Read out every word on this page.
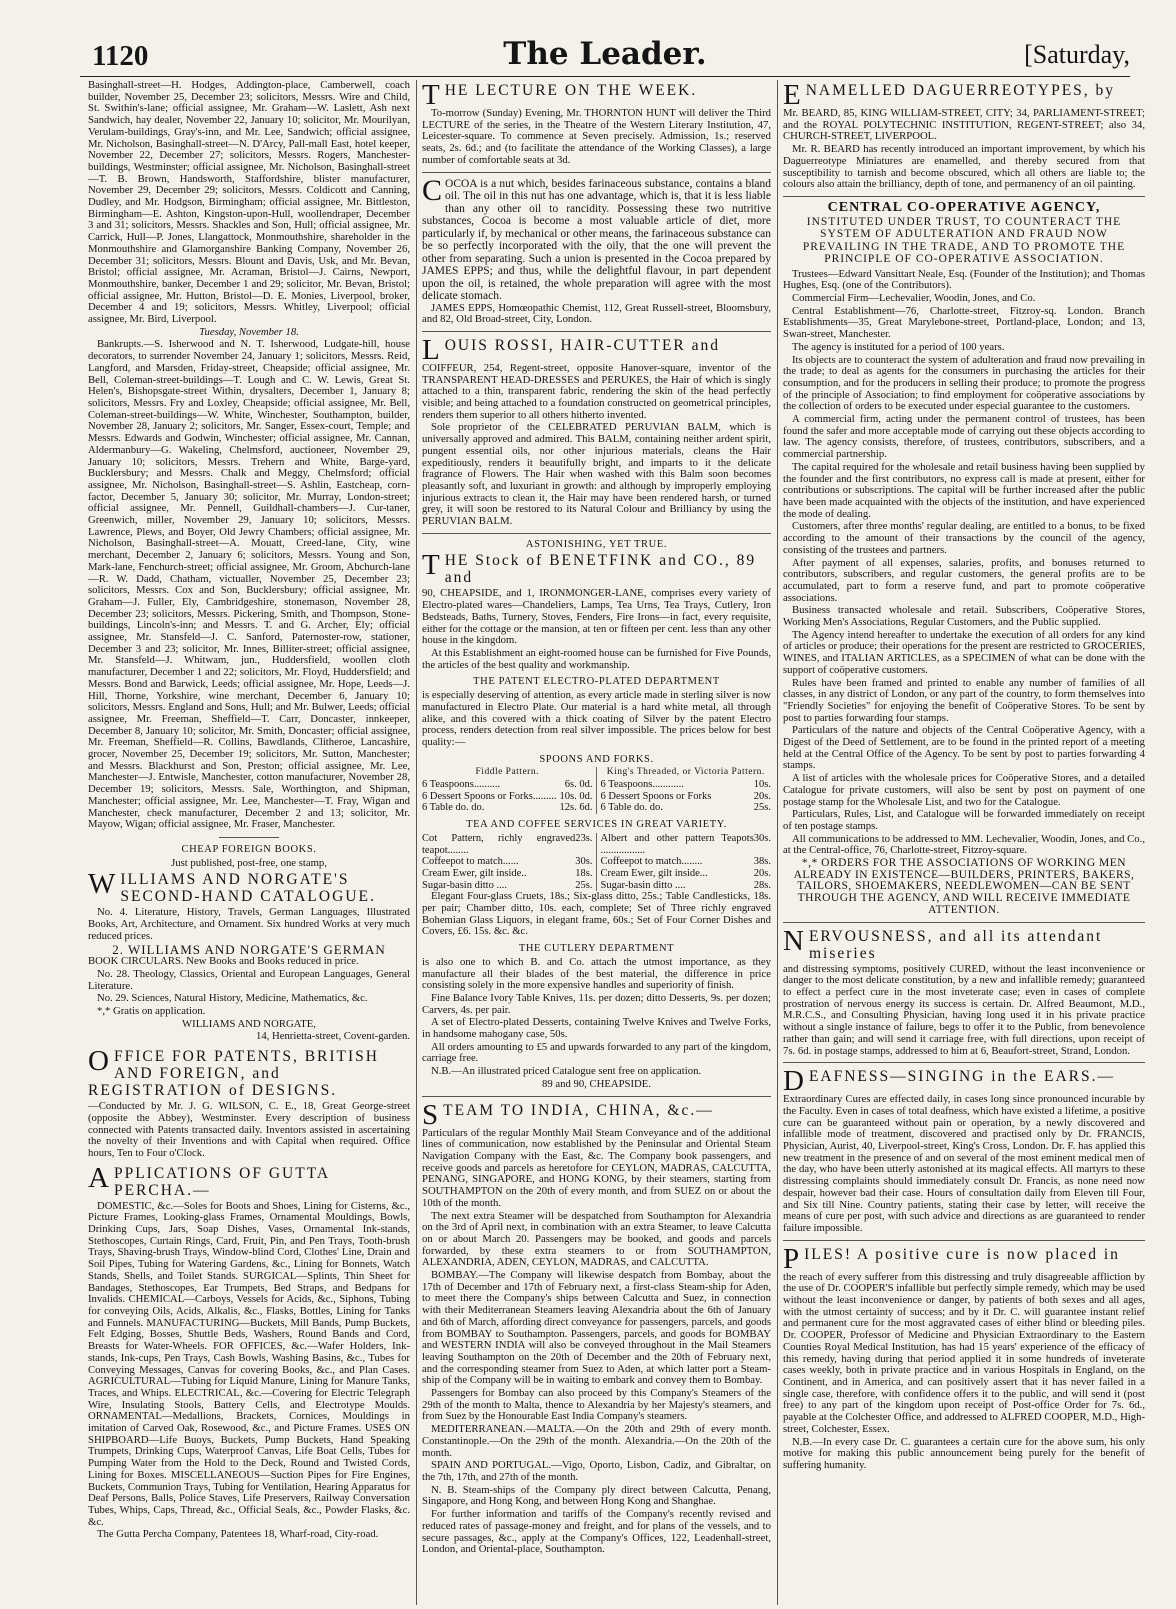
1120	The Leader.	[Saturday,

Basinghall-street—H. Hodges, Addington-place, Camberwell, coach builder, November 25, December 23; solicitors, Messrs. Wire and Child, St. Swithin's-lane; official assignee, Mr. Graham—W. Laslett, Ash next Sandwich, hay dealer, November 22, January 10; solicitor, Mr. Mourilyan, Verulam-buildings, Gray's-inn, and Mr. Lee, Sandwich; official assignee, Mr. Nicholson, Basinghall-street—N. D'Arcy, Pall-mall East, hotel keeper, November 22, December 27; solicitors, Messrs. Rogers, Manchester-buildings, Westminster; official assignee, Mr. Nicholson, Basinghall-street—T. B. Brown, Handsworth, Staffordshire, blister manufacturer, November 29, December 29; solicitors, Messrs. Coldicott and Canning, Dudley, and Mr. Hodgson, Birmingham; official assignee, Mr. Bittleston, Birmingham—E. Ashton, Kingston-upon-Hull, woollendraper, December 3 and 31; solicitors, Messrs. Shackles and Son, Hull; official assignee, Mr. Carrick, Hull—P. Jones, Llangattock, Monmouthshire, shareholder in the Monmouthshire and Glamorganshire Banking Company, November 26, December 31; solicitors, Messrs. Blount and Davis, Usk, and Mr. Bevan, Bristol; official assignee, Mr. Acraman, Bristol—J. Cairns, Newport, Monmouthshire, banker, December 1 and 29; solicitor, Mr. Bevan, Bristol; official assignee, Mr. Hutton, Bristol—D. E. Monies, Liverpool, broker, December 4 and 19; solicitors, Messrs. Whitley, Liverpool; official assignee, Mr. Bird, Liverpool.

Tuesday, November 18.

Bankrupts.—S. Isherwood and N. T. Isherwood, Ludgate-hill, house decorators, to surrender November 24, January 1; solicitors, Messrs. Reid, Langford, and Marsden, Friday-street, Cheapside; official assignee, Mr. Bell, Coleman-street-buildings—T. Lough and C. W. Lewis, Great St. Helen's, Bishopsgate-street Within, drysalters, December 1, January 8; solicitors, Messrs. Fry and Loxley, Cheapside; official assignee, Mr. Bell, Coleman-street-buildings—W. White, Winchester, Southampton, builder, November 28, January 2; solicitors, Mr. Sanger, Essex-court, Temple; and Messrs. Edwards and Godwin, Winchester; official assignee, Mr. Cannan, Aldermanbury—G. Wakeling, Chelmsford, auctioneer, November 29, January 10; solicitors, Messrs. Trehern and White, Barge-yard, Bucklersbury; and Messrs. Chalk and Meggy, Chelmsford; official assignee, Mr. Nicholson, Basinghall-street—S. Ashlin, Eastcheap, corn-factor, December 5, January 30; solicitor, Mr. Murray, London-street; official assignee, Mr. Pennell, Guildhall-chambers—J. Cur-taner, Greenwich, miller, November 29, January 10; solicitors, Messrs. Lawrence, Plews, and Boyer, Old Jewry Chambers; official assignee, Mr. Nicholson, Basinghall-street—A. Mouatt, Creed-lane, City, wine merchant, December 2, January 6; solicitors, Messrs. Young and Son, Mark-lane, Fenchurch-street; official assignee, Mr. Groom, Abchurch-lane—R. W. Dadd, Chatham, victualler, November 25, December 23; solicitors, Messrs. Cox and Son, Bucklersbury; official assignee, Mr. Graham—J. Fuller, Ely, Cambridgeshire, stonemason, November 28, December 23; solicitors, Messrs. Pickering, Smith, and Thompson, Stone-buildings, Lincoln's-inn; and Messrs. T. and G. Archer, Ely; official assignee, Mr. Stansfeld—J. C. Sanford, Paternoster-row, stationer, December 3 and 23; solicitor, Mr. Innes, Billiter-street; official assignee, Mr. Stansfeld—J. Whitwam, jun., Huddersfield, woollen cloth manufacturer, December 1 and 22; solicitors, Mr. Floyd, Huddersfield; and Messrs. Bond and Barwick, Leeds; official assignee, Mr. Hope, Leeds—J. Hill, Thorne, Yorkshire, wine merchant, December 6, January 10; solicitors, Messrs. England and Sons, Hull; and Mr. Bulwer, Leeds; official assignee, Mr. Freeman, Sheffield—T. Carr, Doncaster, innkeeper, December 8, January 10; solicitor, Mr. Smith, Doncaster; official assignee, Mr. Freeman, Sheffield—R. Collins, Bawdlands, Clitheroe, Lancashire, grocer, November 25, December 19; solicitors, Mr. Sutton, Manchester; and Messrs. Blackhurst and Son, Preston; official assignee, Mr. Lee, Manchester—J. Entwisle, Manchester, cotton manufacturer, November 28, December 19; solicitors, Messrs. Sale, Worthington, and Shipman, Manchester; official assignee, Mr. Lee, Manchester—T. Fray, Wigan and Manchester, check manufacturer, December 2 and 13; solicitor, Mr. Mayow, Wigan; official assignee, Mr. Fraser, Manchester.

CHEAP FOREIGN BOOKS.

Just published, post-free, one stamp,

WILLIAMS AND NORGATE'S SECOND-HAND CATALOGUE.

No. 4. Literature, History, Travels, German Languages, Illustrated Books, Art, Architecture, and Ornament. Six hundred Works at very much reduced prices.

2. WILLIAMS AND NORGATE'S GERMAN

BOOK CIRCULARS. New Books and Books reduced in price.

No. 28. Theology, Classics, Oriental and European Languages, General Literature.

No. 29. Sciences, Natural History, Medicine, Mathematics, &c.

*,* Gratis on application.

WILLIAMS AND NORGATE,

14, Henrietta-street, Covent-garden.

OFFICE FOR PATENTS, BRITISH AND FOREIGN, and REGISTRATION of DESIGNS.

—Conducted by Mr. J. G. WILSON, C. E., 18, Great George-street (opposite the Abbey), Westminster. Every description of business connected with Patents transacted daily. Inventors assisted in ascertaining the novelty of their Inventions and with Capital when required. Office hours, Ten to Four o'Clock.

APPLICATIONS OF GUTTA PERCHA.—

DOMESTIC, &c.—Soles for Boots and Shoes, Lining for Cisterns, &c., Picture Frames, Looking-glass Frames, Ornamental Mouldings, Bowls, Drinking Cups, Jars, Soap Dishes, Vases, Ornamental Ink-stands, Stethoscopes, Curtain Rings, Card, Fruit, Pin, and Pen Trays, Tooth-brush Trays, Shaving-brush Trays, Window-blind Cord, Clothes' Line, Drain and Soil Pipes, Tubing for Watering Gardens, &c., Lining for Bonnets, Watch Stands, Shells, and Toilet Stands. SURGICAL—Splints, Thin Sheet for Bandages, Stethoscopes, Ear Trumpets, Bed Straps, and Bedpans for Invalids. CHEMICAL—Carboys, Vessels for Acids, &c., Siphons, Tubing for conveying Oils, Acids, Alkalis, &c., Flasks, Bottles, Lining for Tanks and Funnels. MANUFACTURING—Buckets, Mill Bands, Pump Buckets, Felt Edging, Bosses, Shuttle Beds, Washers, Round Bands and Cord, Breasts for Water-Wheels. FOR OFFICES, &c.—Wafer Holders, Ink-stands, Ink-cups, Pen Trays, Cash Bowls, Washing Basins, &c., Tubes for Conveying Messages, Canvas for covering Books, &c., and Plan Cases. AGRICULTURAL—Tubing for Liquid Manure, Lining for Manure Tanks, Traces, and Whips. ELECTRICAL, &c.—Covering for Electric Telegraph Wire, Insulating Stools, Battery Cells, and Electrotype Moulds. ORNAMENTAL—Medallions, Brackets, Cornices, Mouldings in imitation of Carved Oak, Rosewood, &c., and Picture Frames. USES ON SHIPBOARD—Life Buoys, Buckets, Pump Buckets, Hand Speaking Trumpets, Drinking Cups, Waterproof Canvas, Life Boat Cells, Tubes for Pumping Water from the Hold to the Deck, Round and Twisted Cords, Lining for Boxes. MISCELLANEOUS—Suction Pipes for Fire Engines, Buckets, Communion Trays, Tubing for Ventilation, Hearing Apparatus for Deaf Persons, Balls, Police Staves, Life Preservers, Railway Conversation Tubes, Whips, Caps, Thread, &c., Official Seals, &c., Powder Flasks, &c. &c.

The Gutta Percha Company, Patentees 18, Wharf-road, City-road.

THE LECTURE ON THE WEEK.

To-morrow (Sunday) Evening, Mr. THORNTON HUNT will deliver the Third LECTURE of the series, in the Theatre of the Western Literary Institution, 47, Leicester-square. To commence at Seven precisely. Admission, 1s.; reserved seats, 2s. 6d.; and (to facilitate the attendance of the Working Classes), a large number of comfortable seats at 3d.

COCOA is a nut which, besides farinaceous substance, contains a bland oil. The oil in this nut has one advantage, which is, that it is less liable than any other oil to rancidity. Possessing these two nutritive substances, Cocoa is become a most valuable article of diet, more particularly if, by mechanical or other means, the farinaceous substance can be so perfectly incorporated with the oily, that the one will prevent the other from separating. Such a union is presented in the Cocoa prepared by JAMES EPPS; and thus, while the delightful flavour, in part dependent upon the oil, is retained, the whole preparation will agree with the most delicate stomach.

JAMES EPPS, Homœopathic Chemist, 112, Great Russell-street, Bloomsbury, and 82, Old Broad-street, City, London.

LOUIS ROSSI, HAIR-CUTTER and

COIFFEUR, 254, Regent-street, opposite Hanover-square, inventor of the TRANSPARENT HEAD-DRESSES and PERUKES, the Hair of which is singly attached to a thin, transparent fabric, rendering the skin of the head perfectly visible; and being attached to a foundation constructed on geometrical principles, renders them superior to all others hitherto invented.

Sole proprietor of the CELEBRATED PERUVIAN BALM, which is universally approved and admired. This BALM, containing neither ardent spirit, pungent essential oils, nor other injurious materials, cleans the Hair expeditiously, renders it beautifully bright, and imparts to it the delicate fragrance of Flowers. The Hair when washed with this Balm soon becomes pleasantly soft, and luxuriant in growth: and although by improperly employing injurious extracts to clean it, the Hair may have been rendered harsh, or turned grey, it will soon be restored to its Natural Colour and Brilliancy by using the PERUVIAN BALM.

ASTONISHING, YET TRUE.

THE Stock of BENETFINK and CO., 89 and

90, CHEAPSIDE, and 1, IRONMONGER-LANE, comprises every variety of Electro-plated wares—Chandeliers, Lamps, Tea Urns, Tea Trays, Cutlery, Iron Bedsteads, Baths, Turnery, Stoves, Fenders, Fire Irons—in fact, every requisite, either for the cottage or the mansion, at ten or fifteen per cent. less than any other house in the kingdom.

At this Establishment an eight-roomed house can be furnished for Five Pounds, the articles of the best quality and workmanship.

THE PATENT ELECTRO-PLATED DEPARTMENT

is especially deserving of attention, as every article made in sterling silver is now manufactured in Electro Plate. Our material is a hard white metal, all through alike, and this covered with a thick coating of Silver by the patent Electro process, renders detection from real silver impossible. The prices below for best quality:—

SPOONS AND FORKS.

Fiddle Pattern.
6 Teaspoons..........	6s. 0d.
6 Dessert Spoons or Forks......... 10s. 0d.
6 Table do. do.	12s. 6d.
King's Threaded, or Victoria Pattern.
6 Teaspoons............	10s.
6 Dessert Spoons or Forks	20s.
6 Table do. do.	25s.

TEA AND COFFEE SERVICES IN GREAT VARIETY.

Cot Pattern, richly engraved teapot........
23s.
Coffeepot to match......	30s.
Cream Ewer, gilt inside..	18s.
Sugar-basin ditto ....	25s.
Albert and other pattern Teapots .................
30s.
Coffeepot to match........	38s.
Cream Ewer, gilt inside...	20s.
Sugar-basin ditto ....	28s.

Elegant Four-glass Cruets, 18s.; Six-glass ditto, 25s.; Table Candlesticks, 18s. per pair; Chamber ditto, 10s. each, complete; Set of Three richly engraved Bohemian Glass Liquors, in elegant frame, 60s.; Set of Four Corner Dishes and Covers, £6. 15s. &c. &c.

THE CUTLERY DEPARTMENT

is also one to which B. and Co. attach the utmost importance, as they manufacture all their blades of the best material, the difference in price consisting solely in the more expensive handles and superiority of finish.

Fine Balance Ivory Table Knives, 11s. per dozen; ditto Desserts, 9s. per dozen; Carvers, 4s. per pair.

A set of Electro-plated Desserts, containing Twelve Knives and Twelve Forks, in handsome mahogany case, 50s.

All orders amounting to £5 and upwards forwarded to any part of the kingdom, carriage free.

N.B.—An illustrated priced Catalogue sent free on application.

89 and 90, CHEAPSIDE.

STEAM TO INDIA, CHINA, &c.—

Particulars of the regular Monthly Mail Steam Conveyance and of the additional lines of communication, now established by the Peninsular and Oriental Steam Navigation Company with the East, &c. The Company book passengers, and receive goods and parcels as heretofore for CEYLON, MADRAS, CALCUTTA, PENANG, SINGAPORE, and HONG KONG, by their steamers, starting from SOUTHAMPTON on the 20th of every month, and from SUEZ on or about the 10th of the month.

The next extra Steamer will be despatched from Southampton for Alexandria on the 3rd of April next, in combination with an extra Steamer, to leave Calcutta on or about March 20. Passengers may be booked, and goods and parcels forwarded, by these extra steamers to or from SOUTHAMPTON, ALEXANDRIA, ADEN, CEYLON, MADRAS, and CALCUTTA.

BOMBAY.—The Company will likewise despatch from Bombay, about the 17th of December and 17th of February next, a first-class Steam-ship for Aden, to meet there the Company's ships between Calcutta and Suez, in connection with their Mediterranean Steamers leaving Alexandria about the 6th of January and 6th of March, affording direct conveyance for passengers, parcels, and goods from BOMBAY to Southampton. Passengers, parcels, and goods for BOMBAY and WESTERN INDIA will also be conveyed throughout in the Mail Steamers leaving Southampton on the 20th of December and the 20th of February next, and the corresponding steamer from Suez to Aden, at which latter port a Steam-ship of the Company will be in waiting to embark and convey them to Bombay.

Passengers for Bombay can also proceed by this Company's Steamers of the 29th of the month to Malta, thence to Alexandria by her Majesty's steamers, and from Suez by the Honourable East India Company's steamers.

MEDITERRANEAN.—MALTA.—On the 20th and 29th of every month. Constantinople.—On the 29th of the month. Alexandria.—On the 20th of the month.

SPAIN AND PORTUGAL.—Vigo, Oporto, Lisbon, Cadiz, and Gibraltar, on the 7th, 17th, and 27th of the month.

N. B. Steam-ships of the Company ply direct between Calcutta, Penang, Singapore, and Hong Kong, and between Hong Kong and Shanghae.

For further information and tariffs of the Company's recently revised and reduced rates of passage-money and freight, and for plans of the vessels, and to secure passages, &c., apply at the Company's Offices, 122, Leadenhall-street, London, and Oriental-place, Southampton.

ENAMELLED DAGUERREOTYPES, by

Mr. BEARD, 85, KING WILLIAM-STREET, CITY; 34, PARLIAMENT-STREET; and the ROYAL POLYTECHNIC INSTITUTION, REGENT-STREET; also 34, CHURCH-STREET, LIVERPOOL.

Mr. R. BEARD has recently introduced an important improvement, by which his Daguerreotype Miniatures are enamelled, and thereby secured from that susceptibility to tarnish and become obscured, which all others are liable to; the colours also attain the brilliancy, depth of tone, and permanency of an oil painting.

CENTRAL CO-OPERATIVE AGENCY,
INSTITUTED UNDER TRUST, TO COUNTERACT THE SYSTEM OF ADULTERATION AND FRAUD NOW PREVAILING IN THE TRADE, AND TO PROMOTE THE PRINCIPLE OF CO-OPERATIVE ASSOCIATION.

Trustees—Edward Vansittart Neale, Esq. (Founder of the Institution); and Thomas Hughes, Esq. (one of the Contributors).

Commercial Firm—Lechevalier, Woodin, Jones, and Co.

Central Establishment—76, Charlotte-street, Fitzroy-sq. London. Branch Establishments—35, Great Marylebone-street, Portland-place, London; and 13, Swan-street, Manchester.

The agency is instituted for a period of 100 years.

Its objects are to counteract the system of adulteration and fraud now prevailing in the trade; to deal as agents for the consumers in purchasing the articles for their consumption, and for the producers in selling their produce; to promote the progress of the principle of Association; to find employment for coöperative associations by the collection of orders to be executed under especial guarantee to the customers.

A commercial firm, acting under the permanent control of trustees, has been found the safer and more acceptable mode of carrying out these objects according to law. The agency consists, therefore, of trustees, contributors, subscribers, and a commercial partnership.

The capital required for the wholesale and retail business having been supplied by the founder and the first contributors, no express call is made at present, either for contributions or subscriptions. The capital will be further increased after the public have been made acquainted with the objects of the institution, and have experienced the mode of dealing.

Customers, after three months' regular dealing, are entitled to a bonus, to be fixed according to the amount of their transactions by the council of the agency, consisting of the trustees and partners.

After payment of all expenses, salaries, profits, and bonuses returned to contributors, subscribers, and regular customers, the general profits are to be accumulated, part to form a reserve fund, and part to promote coöperative associations.

Business transacted wholesale and retail. Subscribers, Coöperative Stores, Working Men's Associations, Regular Customers, and the Public supplied.

The Agency intend hereafter to undertake the execution of all orders for any kind of articles or produce; their operations for the present are restricted to GROCERIES, WINES, and ITALIAN ARTICLES, as a SPECIMEN of what can be done with the support of coöperative customers.

Rules have been framed and printed to enable any number of families of all classes, in any district of London, or any part of the country, to form themselves into "Friendly Societies" for enjoying the benefit of Coöperative Stores. To be sent by post to parties forwarding four stamps.

Particulars of the nature and objects of the Central Coöperative Agency, with a Digest of the Deed of Settlement, are to be found in the printed report of a meeting held at the Central Office of the Agency. To be sent by post to parties forwarding 4 stamps.

A list of articles with the wholesale prices for Coöperative Stores, and a detailed Catalogue for private customers, will also be sent by post on payment of one postage stamp for the Wholesale List, and two for the Catalogue.

Particulars, Rules, List, and Catalogue will be forwarded immediately on receipt of ten postage stamps.

All communications to be addressed to MM. Lechevalier, Woodin, Jones, and Co., at the Central-office, 76, Charlotte-street, Fitzroy-square.

*,* ORDERS FOR THE ASSOCIATIONS OF WORKING MEN ALREADY IN EXISTENCE—BUILDERS, PRINTERS, BAKERS, TAILORS, SHOEMAKERS, NEEDLEWOMEN—CAN BE SENT THROUGH THE AGENCY, AND WILL RECEIVE IMMEDIATE ATTENTION.

NERVOUSNESS, and all its attendant miseries

and distressing symptoms, positively CURED, without the least inconvenience or danger to the most delicate constitution, by a new and infallible remedy; guaranteed to effect a perfect cure in the most inveterate case; even in cases of complete prostration of nervous energy its success is certain. Dr. Alfred Beaumont, M.D., M.R.C.S., and Consulting Physician, having long used it in his private practice without a single instance of failure, begs to offer it to the Public, from benevolence rather than gain; and will send it carriage free, with full directions, upon receipt of 7s. 6d. in postage stamps, addressed to him at 6, Beaufort-street, Strand, London.

DEAFNESS—SINGING in the EARS.—

Extraordinary Cures are effected daily, in cases long since pronounced incurable by the Faculty. Even in cases of total deafness, which have existed a lifetime, a positive cure can be guaranteed without pain or operation, by a newly discovered and infallible mode of treatment, discovered and practised only by Dr. FRANCIS, Physician, Aurist, 40, Liverpool-street, King's Cross, London. Dr. F. has applied this new treatment in the presence of and on several of the most eminent medical men of the day, who have been utterly astonished at its magical effects. All martyrs to these distressing complaints should immediately consult Dr. Francis, as none need now despair, however bad their case. Hours of consultation daily from Eleven till Four, and Six till Nine. Country patients, stating their case by letter, will receive the means of cure per post, with such advice and directions as are guaranteed to render failure impossible.

PILES! A positive cure is now placed in

the reach of every sufferer from this distressing and truly disagreeable affliction by the use of Dr. COOPER'S infallible but perfectly simple remedy, which may be used without the least inconvenience or danger, by patients of both sexes and all ages, with the utmost certainty of success; and by it Dr. C. will guarantee instant relief and permanent cure for the most aggravated cases of either blind or bleeding piles. Dr. COOPER, Professor of Medicine and Physician Extraordinary to the Eastern Counties Royal Medical Institution, has had 15 years' experience of the efficacy of this remedy, having during that period applied it in some hundreds of inveterate cases weekly, both in private practice and in various Hospitals in England, on the Continent, and in America, and can positively assert that it has never failed in a single case, therefore, with confidence offers it to the public, and will send it (post free) to any part of the kingdom upon receipt of Post-office Order for 7s. 6d., payable at the Colchester Office, and addressed to ALFRED COOPER, M.D., High-street, Colchester, Essex.

N.B.—In every case Dr. C. guarantees a certain cure for the above sum, his only motive for making this public announcement being purely for the benefit of suffering humanity.
